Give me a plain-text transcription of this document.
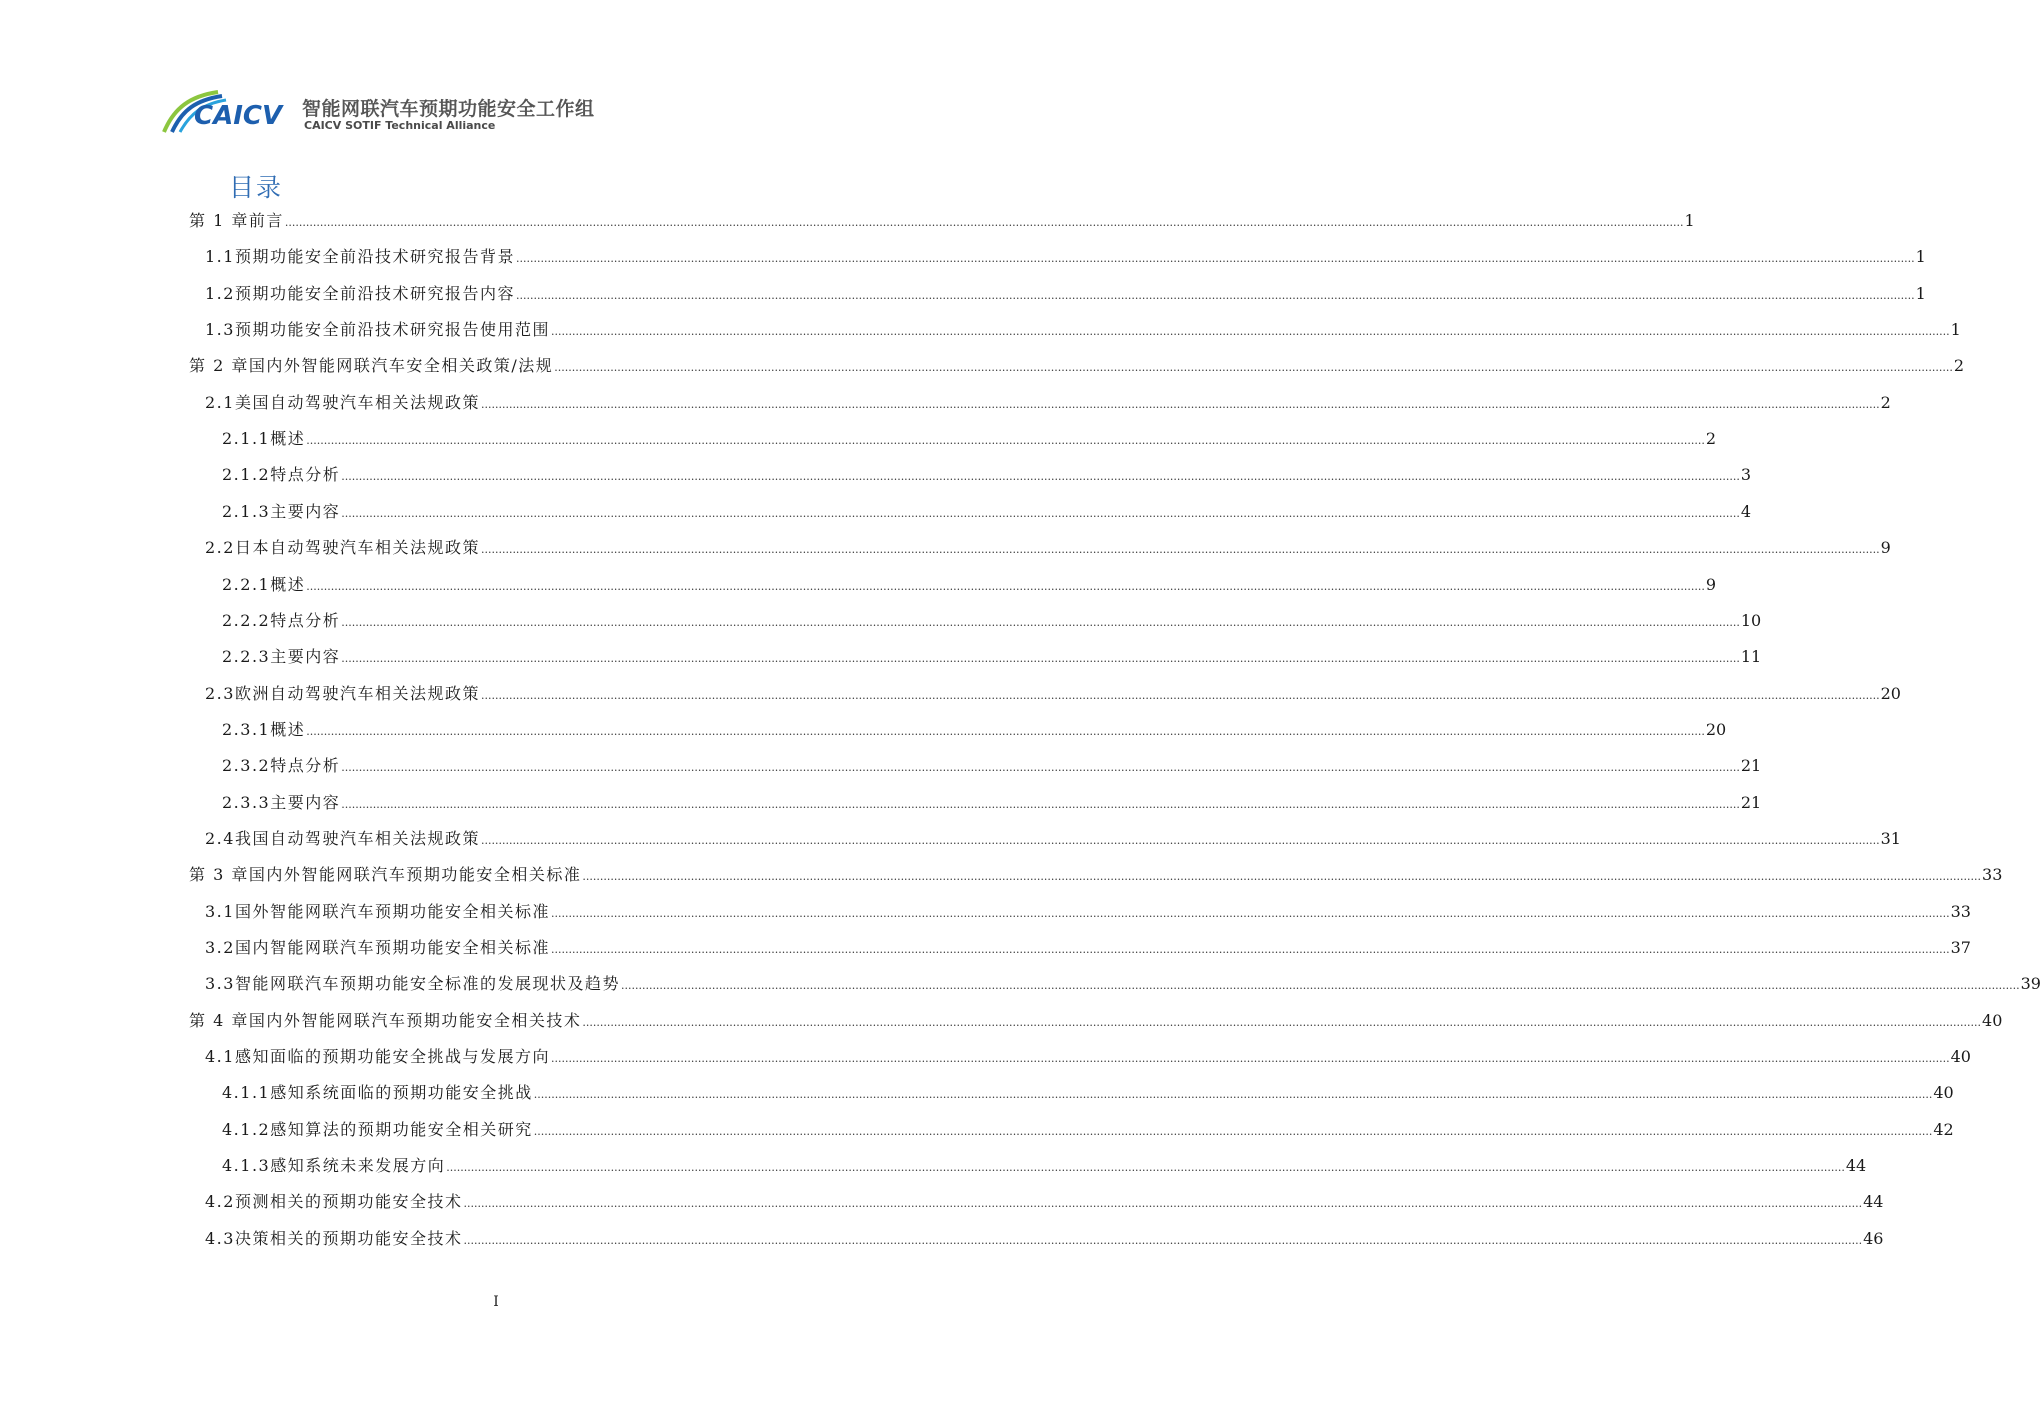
CAICV 智能网联汽车预期功能安全工作组
CAICV SOTIF Technical Alliance
目录
第 1 章 前言 ................................................................................................................................................................................................................................................................................................................................................................................................................ 1
1.1 预期功能安全前沿技术研究报告背景 ................................................................................................................................................................................................................................................................................................................................................................................................................ 1
1.2 预期功能安全前沿技术研究报告内容 ................................................................................................................................................................................................................................................................................................................................................................................................................ 1
1.3 预期功能安全前沿技术研究报告使用范围 ................................................................................................................................................................................................................................................................................................................................................................................................................ 1
第 2 章 国内外智能网联汽车安全相关政策/法规 ................................................................................................................................................................................................................................................................................................................................................................................................................ 2
2.1 美国自动驾驶汽车相关法规政策 ................................................................................................................................................................................................................................................................................................................................................................................................................ 2
2.1.1 概述 ................................................................................................................................................................................................................................................................................................................................................................................................................ 2
2.1.2 特点分析 ................................................................................................................................................................................................................................................................................................................................................................................................................ 3
2.1.3 主要内容 ................................................................................................................................................................................................................................................................................................................................................................................................................ 4
2.2 日本自动驾驶汽车相关法规政策 ................................................................................................................................................................................................................................................................................................................................................................................................................ 9
2.2.1 概述 ................................................................................................................................................................................................................................................................................................................................................................................................................ 9
2.2.2 特点分析 ................................................................................................................................................................................................................................................................................................................................................................................................................ 10
2.2.3 主要内容 ................................................................................................................................................................................................................................................................................................................................................................................................................ 11
2.3 欧洲自动驾驶汽车相关法规政策 ................................................................................................................................................................................................................................................................................................................................................................................................................ 20
2.3.1 概述 ................................................................................................................................................................................................................................................................................................................................................................................................................ 20
2.3.2 特点分析 ................................................................................................................................................................................................................................................................................................................................................................................................................ 21
2.3.3 主要内容 ................................................................................................................................................................................................................................................................................................................................................................................................................ 21
2.4 我国自动驾驶汽车相关法规政策 ................................................................................................................................................................................................................................................................................................................................................................................................................ 31
第 3 章 国内外智能网联汽车预期功能安全相关标准 ................................................................................................................................................................................................................................................................................................................................................................................................................ 33
3.1 国外智能网联汽车预期功能安全相关标准 ................................................................................................................................................................................................................................................................................................................................................................................................................ 33
3.2 国内智能网联汽车预期功能安全相关标准 ................................................................................................................................................................................................................................................................................................................................................................................................................ 37
3.3 智能网联汽车预期功能安全标准的发展现状及趋势 ................................................................................................................................................................................................................................................................................................................................................................................................................ 39
第 4 章 国内外智能网联汽车预期功能安全相关技术 ................................................................................................................................................................................................................................................................................................................................................................................................................ 40
4.1 感知面临的预期功能安全挑战与发展方向 ................................................................................................................................................................................................................................................................................................................................................................................................................ 40
4.1.1 感知系统面临的预期功能安全挑战 ................................................................................................................................................................................................................................................................................................................................................................................................................ 40
4.1.2 感知算法的预期功能安全相关研究 ................................................................................................................................................................................................................................................................................................................................................................................................................ 42
4.1.3 感知系统未来发展方向 ................................................................................................................................................................................................................................................................................................................................................................................................................ 44
4.2 预测相关的预期功能安全技术 ................................................................................................................................................................................................................................................................................................................................................................................................................ 44
4.3 决策相关的预期功能安全技术 ................................................................................................................................................................................................................................................................................................................................................................................................................ 46
I
